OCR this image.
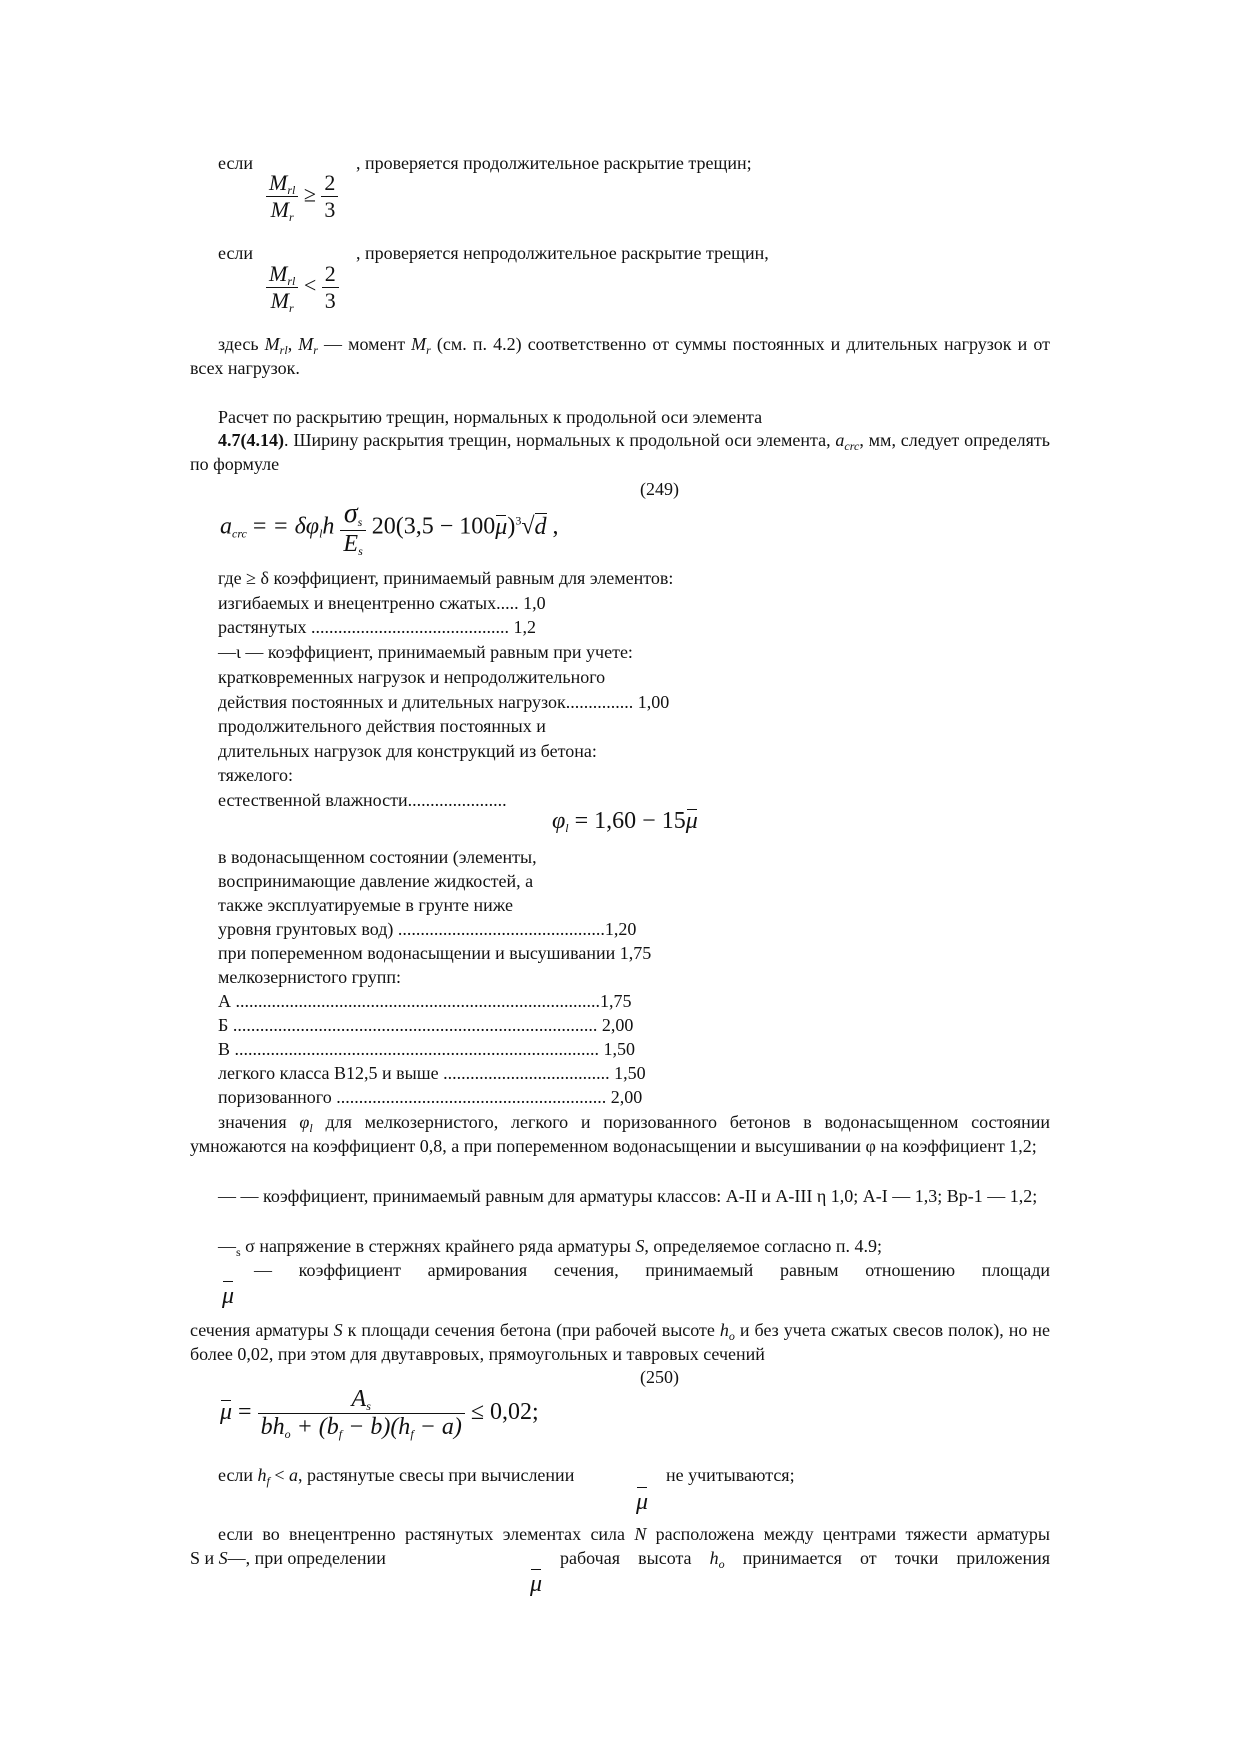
если	, проверяется продолжительное раскрытие трещин;
$\frac{M_{rl}}{M_r} \ge \frac{2}{3}$
если	, проверяется непродолжительное раскрытие трещин,
$\frac{M_{rl}}{M_r} < \frac{2}{3}$
здесь $M_{rl}$, $M_r$ — момент $M_r$ (см. п. 4.2) соответственно от суммы постоянных и длительных нагрузок и от всех нагрузок.
Расчет по раскрытию трещин, нормальных к продольной оси элемента
4.7(4.14). Ширину раскрытия трещин, нормальных к продольной оси элемента, $a_{crc}$, мм, следует определять по формуле
(249)
$a_{crc}$ = = $\delta\varphi_lh \frac{\sigma_s}{E_s} 20(3,5 - 100\mu)^3√d$ ,
где ≥ δ коэффициент, принимаемый равным для элементов:
изгибаемых и внецентренно сжатых..... 1,0
растянутых ............................................ 1,2
—ι — коэффициент, принимаемый равным при учете:
кратковременных нагрузок и непродолжительного
действия постоянных и длительных нагрузок............... 1,00
продолжительного действия постоянных и
длительных нагрузок для конструкций из бетона:
тяжелого:
естественной влажности......................
$\varphi_l = 1,60 - 15\mu$
в водонасыщенном состоянии (элементы,
воспринимающие давление жидкостей, а
также эксплуатируемые в грунте ниже
уровня грунтовых вод) ..............................................1,20
при попеременном водонасыщении и высушивании 1,75
мелкозернистого групп:
А .................................................................................1,75
Б ................................................................................. 2,00
В ................................................................................. 1,50
легкого класса В12,5 и выше ..................................... 1,50
поризованного ............................................................ 2,00
значения $\varphi_l$ для мелкозернистого, легкого и поризованного бетонов в водонасыщенном состоянии умножаются на коэффициент 0,8, а при попеременном водонасыщении и высушивании φ на коэффициент 1,2;
— — коэффициент, принимаемый равным для арматуры классов: А-II и А-III η 1,0; А-I — 1,3; Вр-1 — 1,2;
$—_s$ σ напряжение в стержнях крайнего ряда арматуры S, определяемое согласно п. 4.9;
μ
— коэффициент армирования сечения, принимаемый равным отношению площади
сечения арматуры S к площади сечения бетона (при рабочей высоте $h_o$ и без учета сжатых свесов полок), но не более 0,02, при этом для двутавровых, прямоугольных и тавровых сечений
(250)
$\mu = \frac{A_s}{bh_o + (b_f - b)(h_f - a)} \le 0,02$;
если $h_f < a$, растянутые свесы при вычислении
μ
не учитываются;
если во внецентренно растянутых элементах сила N расположена между центрами тяжести арматуры
S и S—, при определении
μ
рабочая высота $h_o$ принимается от точки приложения
